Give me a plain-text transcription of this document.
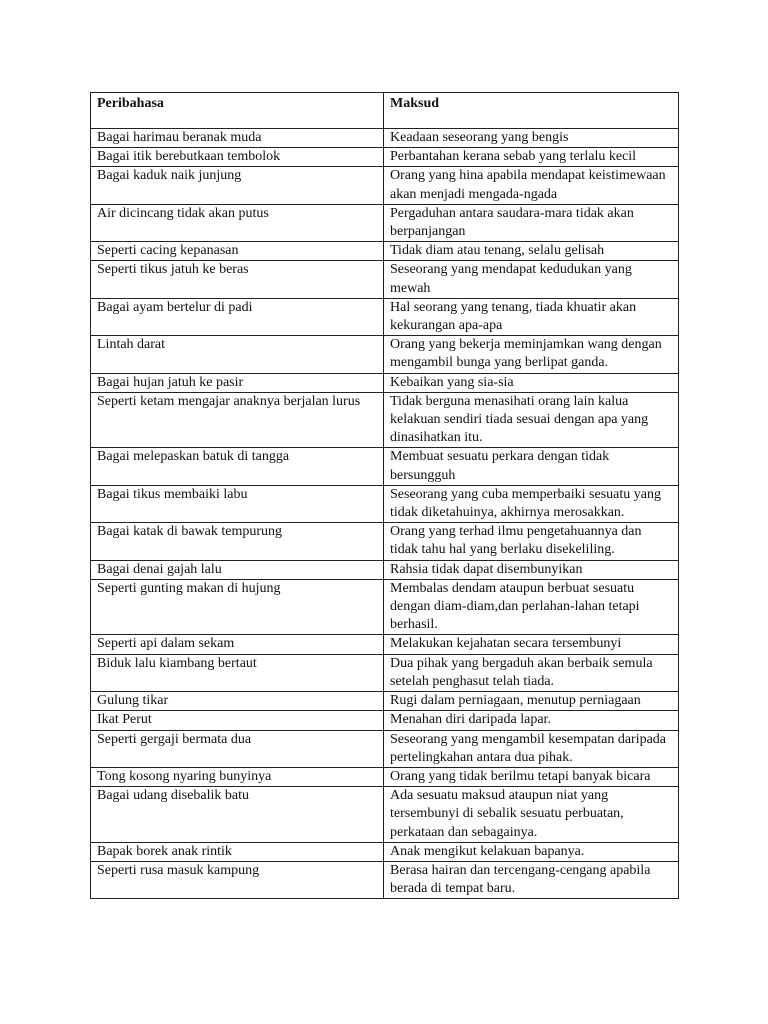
Peribahasa	Maksud
Bagai harimau beranak muda	Keadaan seseorang yang bengis
Bagai itik berebutkaan tembolok	Perbantahan kerana sebab yang terlalu kecil
Bagai kaduk naik junjung	Orang yang hina apabila mendapat keistimewaan akan menjadi mengada-ngada
Air dicincang tidak akan putus	Pergaduhan antara saudara-mara tidak akan berpanjangan
Seperti cacing kepanasan	Tidak diam atau tenang, selalu gelisah
Seperti tikus jatuh ke beras	Seseorang yang mendapat kedudukan yang mewah
Bagai ayam bertelur di padi	Hal seorang yang tenang, tiada khuatir akan kekurangan apa-apa
Lintah darat	Orang yang bekerja meminjamkan wang dengan mengambil bunga yang berlipat ganda.
Bagai hujan jatuh ke pasir	Kebaikan yang sia-sia
Seperti ketam mengajar anaknya berjalan lurus	Tidak berguna menasihati orang lain kalua kelakuan sendiri tiada sesuai dengan apa yang dinasihatkan itu.
Bagai melepaskan batuk di tangga	Membuat sesuatu perkara dengan tidak bersungguh
Bagai tikus membaiki labu	Seseorang yang cuba memperbaiki sesuatu yang tidak diketahuinya, akhirnya merosakkan.
Bagai katak di bawak tempurung	Orang yang terhad ilmu pengetahuannya dan tidak tahu hal yang berlaku disekeliling.
Bagai denai gajah lalu	Rahsia tidak dapat disembunyikan
Seperti gunting makan di hujung	Membalas dendam ataupun berbuat sesuatu dengan diam-diam,dan perlahan-lahan tetapi berhasil.
Seperti api dalam sekam	Melakukan kejahatan secara tersembunyi
Biduk lalu kiambang bertaut	Dua pihak yang bergaduh akan berbaik semula setelah penghasut telah tiada.
Gulung tikar	Rugi dalam perniagaan, menutup perniagaan
Ikat Perut	Menahan diri daripada lapar.
Seperti gergaji bermata dua	Seseorang yang mengambil kesempatan daripada pertelingkahan antara dua pihak.
Tong kosong nyaring bunyinya	Orang yang tidak berilmu tetapi banyak bicara
Bagai udang disebalik batu	Ada sesuatu maksud ataupun niat yang tersembunyi di sebalik sesuatu perbuatan, perkataan dan sebagainya.
Bapak borek anak rintik	Anak mengikut kelakuan bapanya.
Seperti rusa masuk kampung	Berasa hairan dan tercengang-cengang apabila berada di tempat baru.
